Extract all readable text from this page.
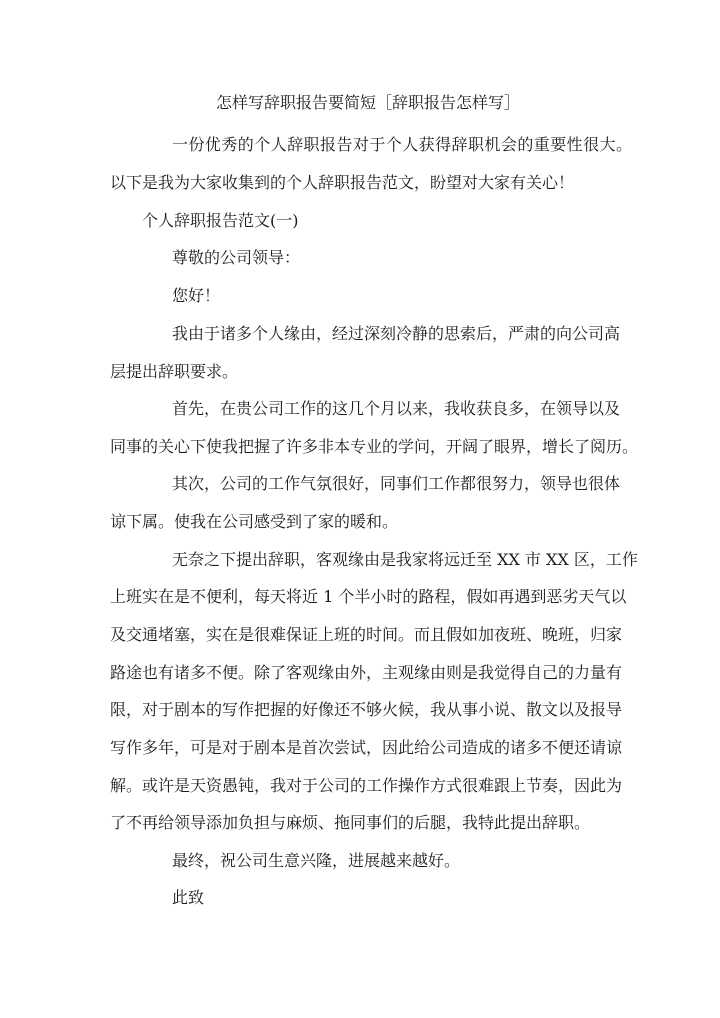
怎样写辞职报告要简短［辞职报告怎样写］
一份优秀的个人辞职报告对于个人获得辞职机会的重要性很大。
以下是我为大家收集到的个人辞职报告范文，盼望对大家有关心！
个人辞职报告范文(一)
尊敬的公司领导：
您好！
我由于诸多个人缘由，经过深刻冷静的思索后，严肃的向公司高
层提出辞职要求。
首先，在贵公司工作的这几个月以来，我收获良多，在领导以及
同事的关心下使我把握了许多非本专业的学问，开阔了眼界，增长了阅历。
其次，公司的工作气氛很好，同事们工作都很努力，领导也很体
谅下属。使我在公司感受到了家的暖和。
无奈之下提出辞职，客观缘由是我家将远迁至 XX 市 XX 区，工作
上班实在是不便利，每天将近 1 个半小时的路程，假如再遇到恶劣天气以
及交通堵塞，实在是很难保证上班的时间。而且假如加夜班、晚班，归家
路途也有诸多不便。除了客观缘由外，主观缘由则是我觉得自己的力量有
限，对于剧本的写作把握的好像还不够火候，我从事小说、散文以及报导
写作多年，可是对于剧本是首次尝试，因此给公司造成的诸多不便还请谅
解。或许是天资愚钝，我对于公司的工作操作方式很难跟上节奏，因此为
了不再给领导添加负担与麻烦、拖同事们的后腿，我特此提出辞职。
最终，祝公司生意兴隆，进展越来越好。
此致
